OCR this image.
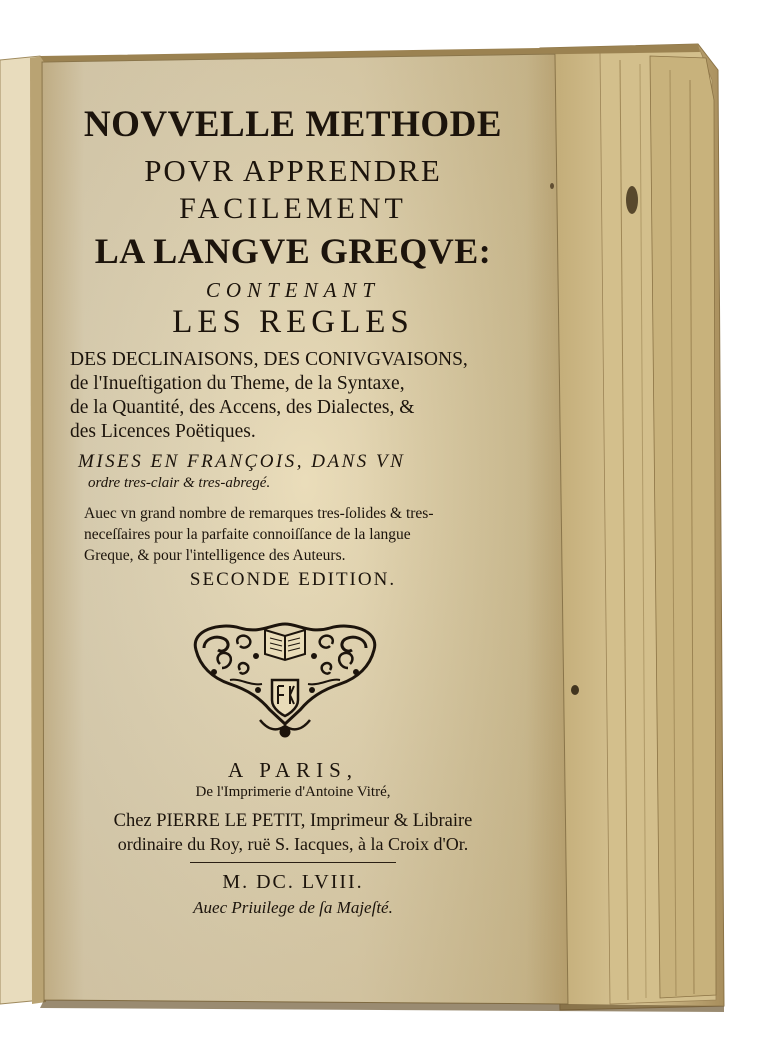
NOVVELLE METHODE
POVR APPRENDRE
FACILEMENT
LA LANGVE GREQVE:
CONTENANT
LES REGLES
DES DECLINAISONS, DES CONIVGVAISONS,
de l'Inueſtigation du Theme, de la Syntaxe,
de la Quantité, des Accens, des Dialectes, &
des Licences Poëtiques.
MISES EN FRANÇOIS, DANS VN
ordre tres-clair & tres-abregé.
Auec vn grand nombre de remarques tres-ſolides & tres-
neceſſaires pour la parfaite connoiſſance de la langue
Greque, & pour l'intelligence des Auteurs.
SECONDE EDITION.
A PARIS,
De l'Imprimerie d'Antoine Vitré,
Chez PIERRE LE PETIT, Imprimeur & Libraire
ordinaire du Roy, ruë S. Iacques, à la Croix d'Or.
M. DC. LVIII.
Auec Priuilege de ſa Majeſté.
